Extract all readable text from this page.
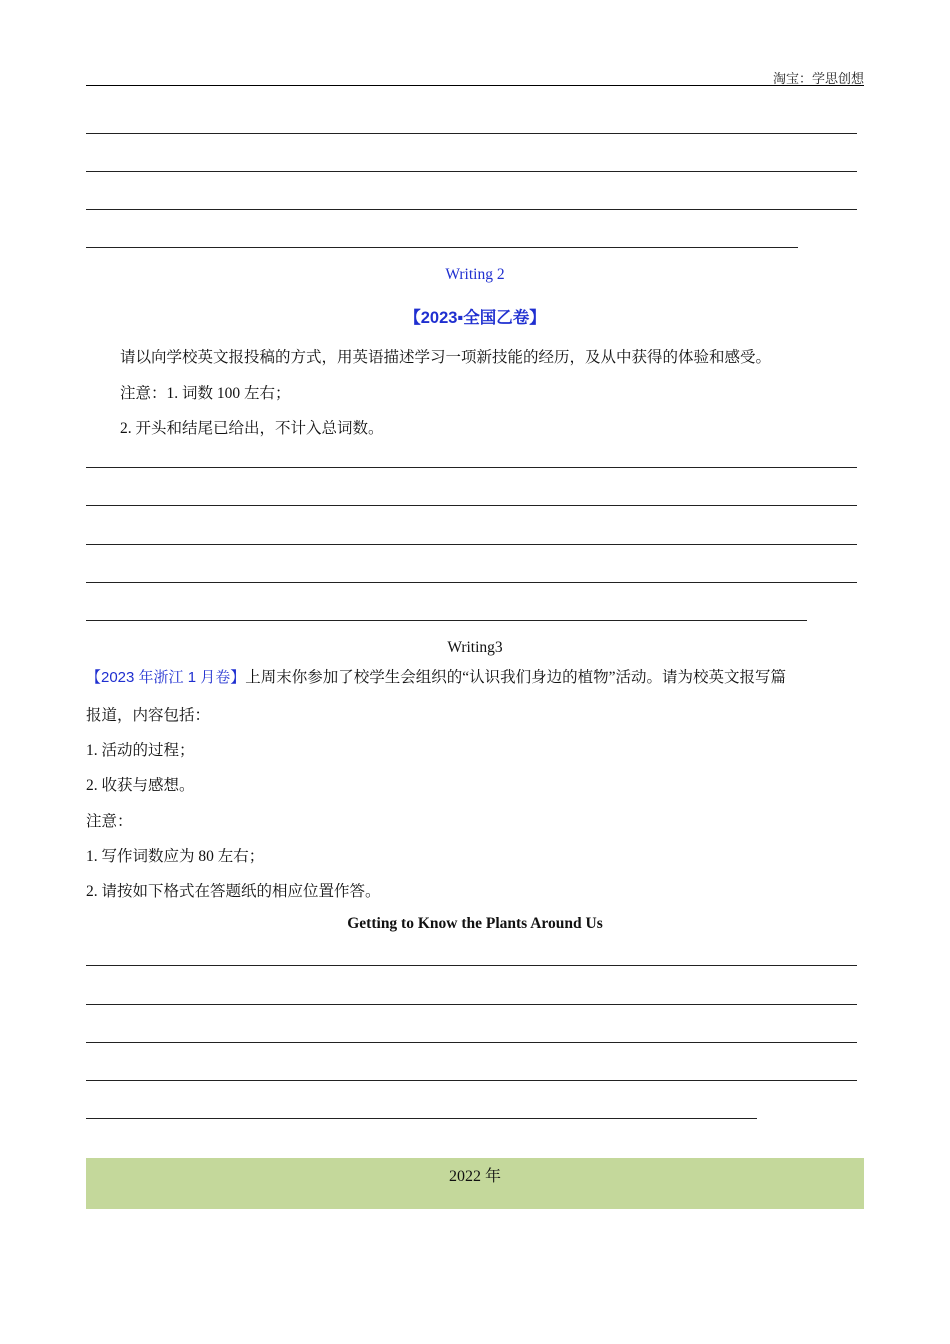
淘宝：学思创想
Writing 2
【2023▪全国乙卷】
请以向学校英文报投稿的方式，用英语描述学习一项新技能的经历，及从中获得的体验和感受。
注意：1. 词数 100 左右；
2. 开头和结尾已给出，不计入总词数。
Writing3
【2023 年浙江 1 月卷】上周末你参加了校学生会组织的“认识我们身边的植物”活动。请为校英文报写篇
报道，内容包括：
1. 活动的过程；
2. 收获与感想。
注意：
1. 写作词数应为 80 左右；
2. 请按如下格式在答题纸的相应位置作答。
Getting to Know the Plants Around Us
2022 年
